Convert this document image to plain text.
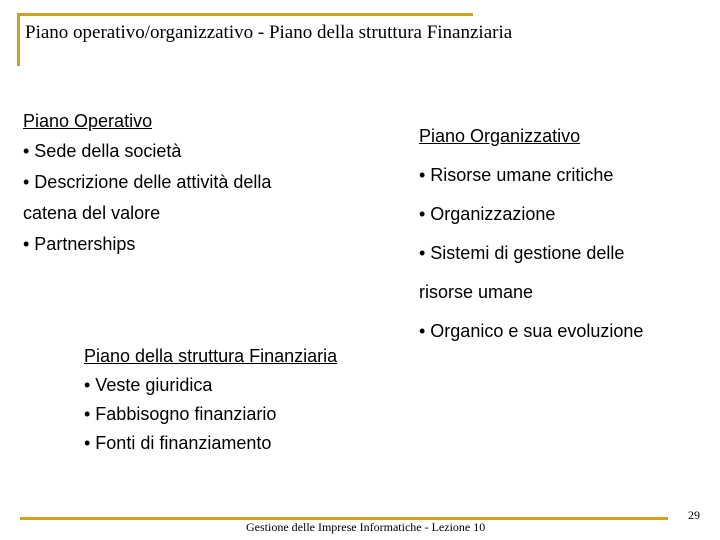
Piano operativo/organizzativo - Piano della struttura Finanziaria

Piano Operativo

• Sede della società

• Descrizione delle attività della

catena del valore

• Partnerships

Piano Organizzativo

• Risorse umane critiche

• Organizzazione

• Sistemi di gestione delle

risorse umane

• Organico e sua evoluzione

Piano della struttura Finanziaria

• Veste giuridica

• Fabbisogno finanziario

• Fonti di finanziamento

Gestione delle Imprese Informatiche - Lezione 10
29
